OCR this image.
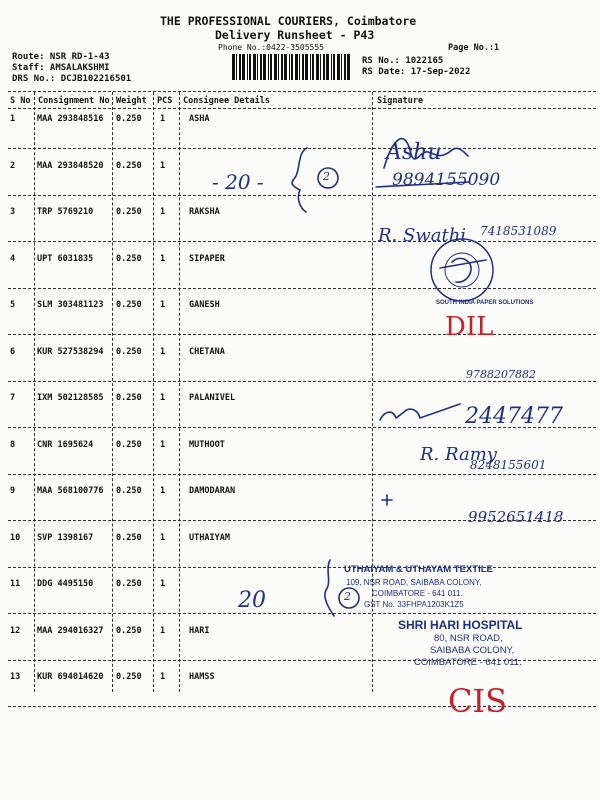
THE PROFESSIONAL COURIERS, Coimbatore
Delivery Runsheet - P43
Phone No.:0422-3505555	Page No.:1
Route: NSR RD-1-43
Staff: AMSALAKSHMI
DRS No.: DCJB102216501
RS No.: 1022165
RS Date: 17-Sep-2022
S No Consignment No Weight PCS Consignee Details	Signature
1	MAA 293848516 0.250 1	ASHA
2	MAA 293848520 0.250 1
3	TRP 5769210	0.250 1	RAKSHA
4	UPT 6031835	0.250 1	SIPAPER
5	SLM 303481123 0.250 1	GANESH
6	KUR 527538294 0.250 1	CHETANA
7	IXM 502128585 0.250 1	PALANIVEL
8	CNR 1695624	0.250 1	MUTHOOT
9	MAA 568100776 0.250 1	DAMODARAN
10 SVP 1398167	0.250 1	UTHAIYAM
11 DDG 4495150	0.250 1
12 MAA 294016327 0.250 1	HARI
13 KUR 694014620 0.250 1	HAMSS
- 20 -	2
Ashu
9894155090
R. Swathi 7418531089
DIL
9788207882
2447477
R. Ramy
8248155601
9952651418
20	2
CIS
SOUTH INDIA PAPER SOLUTIONS
UTHAIYAM & UTHAYAM TEXTILE
109, NSR ROAD, SAIBABA COLONY,
COIMBATORE - 641 011.
GST No. 33FHPA1203K1Z5
SHRI HARI HOSPITAL
80, NSR ROAD,
SAIBABA COLONY,
COIMBATORE - 641 011.
